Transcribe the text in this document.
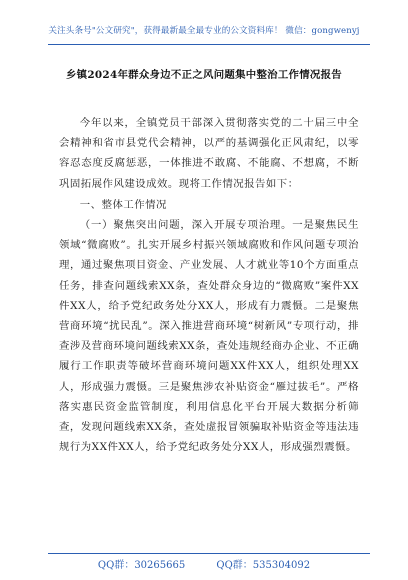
关注头条号"公文研究"，获得最新最全最专业的公文资料库！ 微信：gongwenyj
乡镇2024年群众身边不正之风问题集中整治工作情况报告

今年以来，全镇党员干部深入贯彻落实党的二十届三中全会精神和省市县党代会精神，以严的基调强化正风肃纪，以零容忍态度反腐惩恶，一体推进不敢腐、不能腐、不想腐，不断巩固拓展作风建设成效。现将工作情况报告如下：

一、整体工作情况

（一）聚焦突出问题，深入开展专项治理。一是聚焦民生领域“微腐败”。扎实开展乡村振兴领域腐败和作风问题专项治理，通过聚焦项目资金、产业发展、人才就业等10个方面重点任务，排查问题线索XX条，查处群众身边的“微腐败”案件XX件XX人，给予党纪政务处分XX人，形成有力震慑。二是聚焦营商环境“扰民乱”。深入推进营商环境“树新风”专项行动，排查涉及营商环境问题线索XX条，查处违规经商办企业、不正确履行工作职责等破坏营商环境问题XX件XX人，组织处理XX人，形成强力震慑。三是聚焦涉农补贴资金“雁过拔毛”。严格落实惠民资金监管制度，利用信息化平台开展大数据分析筛查，发现问题线索XX条，查处虚报冒领骗取补贴资金等违法违规行为XX件XX人，给予党纪政务处分XX人，形成强烈震慑。

QQ群：30265665	QQ群：535304092
